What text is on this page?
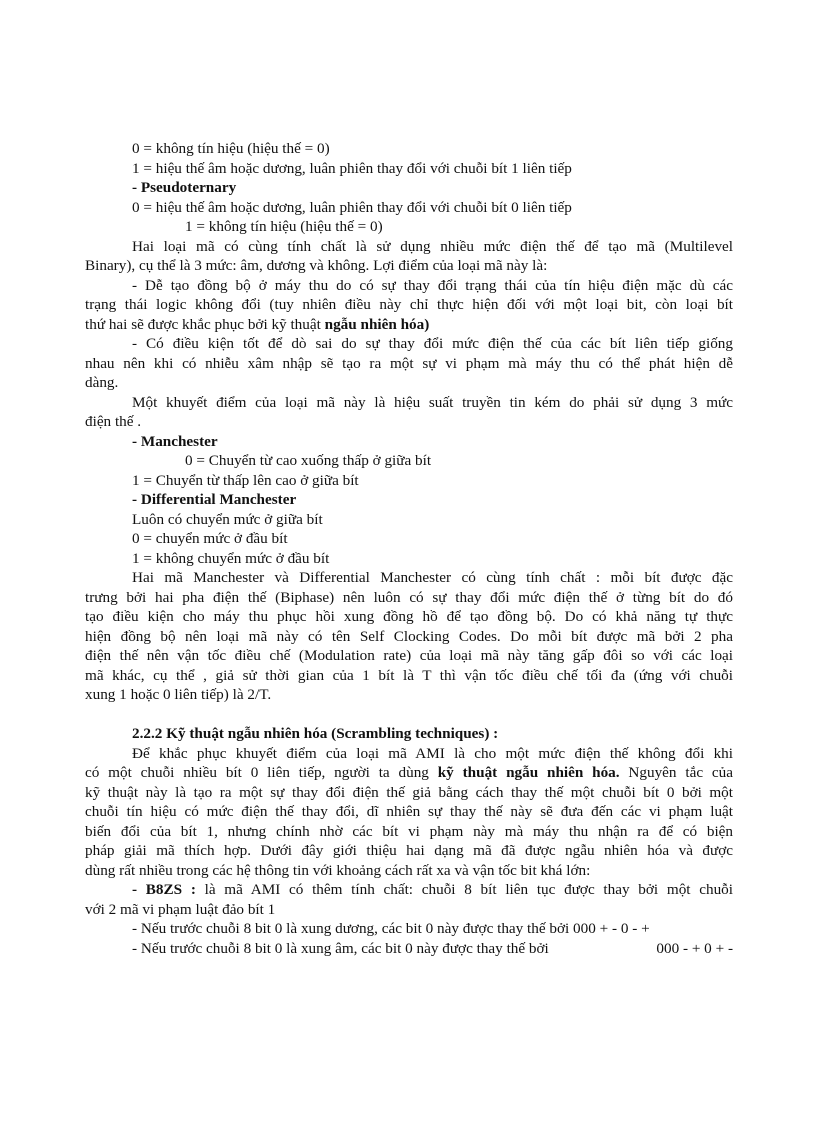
0 = không tín hiệu (hiệu thế = 0)
1 = hiệu thế âm hoặc dương, luân phiên thay đổi với chuỗi bít 1 liên tiếp
- Pseudoternary
0 = hiệu thế âm hoặc dương, luân phiên thay đổi với chuỗi bít 0 liên tiếp
1 = không tín hiệu (hiệu thế = 0)
Hai loại mã có cùng tính chất là sử dụng nhiều mức điện thế để tạo mã (Multilevel
Binary), cụ thể là 3 mức: âm, dương và không. Lợi điểm của loại mã này là:
- Dễ tạo đồng bộ ở máy thu do có sự thay đổi trạng thái của tín hiệu điện mặc dù các
trạng thái logic không đổi (tuy nhiên điều này chỉ thực hiện đối với một loại bit, còn loại bít
thứ hai sẽ được khắc phục bởi kỹ thuật ngẫu nhiên hóa)
- Có điều kiện tốt để dò sai do sự thay đổi mức điện thế của các bít liên tiếp giống
nhau nên khi có nhiễu xâm nhập sẽ tạo ra một sự vi phạm mà máy thu có thể phát hiện dễ
dàng.
Một khuyết điểm của loại mã này là hiệu suất truyền tin kém do phải sử dụng 3 mức
điện thế .
- Manchester
0 = Chuyển từ cao xuống thấp ở giữa bít
1 = Chuyển từ thấp lên cao ở giữa bít
- Differential Manchester
Luôn có chuyển mức ở giữa bít
0 = chuyển mức ở đầu bít
1 = không chuyển mức ở đầu bít
Hai mã Manchester và Differential Manchester có cùng tính chất : mỗi bít được đặc
trưng bởi hai pha điện thế (Biphase) nên luôn có sự thay đổi mức điện thế ở từng bít do đó
tạo điều kiện cho máy thu phục hồi xung đồng hồ để tạo đồng bộ. Do có khả năng tự thực
hiện đồng bộ nên loại mã này có tên Self Clocking Codes. Do mỗi bít được mã bởi 2 pha
điện thế nên vận tốc điều chế (Modulation rate) của loại mã này tăng gấp đôi so với các loại
mã khác, cụ thể , giả sử thời gian của 1 bít là T thì vận tốc điều chế tối đa (ứng với chuỗi
xung 1 hoặc 0 liên tiếp) là 2/T.
2.2.2 Kỹ thuật ngẫu nhiên hóa (Scrambling techniques) :
Để khắc phục khuyết điểm của loại mã AMI là cho một mức điện thế không đổi khi
có một chuỗi nhiều bít 0 liên tiếp, người ta dùng kỹ thuật ngẫu nhiên hóa. Nguyên tắc của
kỹ thuật này là tạo ra một sự thay đổi điện thế giả bằng cách thay thế một chuỗi bít 0 bởi một
chuỗi tín hiệu có mức điện thế thay đổi, dĩ nhiên sự thay thế này sẽ đưa đến các vi phạm luật
biến đổi của bít 1, nhưng chính nhờ các bít vi phạm này mà máy thu nhận ra để có biện
pháp giải mã thích hợp. Dưới đây giới thiệu hai dạng mã đã được ngẫu nhiên hóa và được
dùng rất nhiều trong các hệ thông tin với khoảng cách rất xa và vận tốc bit khá lớn:
- B8ZS : là mã AMI có thêm tính chất: chuỗi 8 bít liên tục được thay bởi một chuỗi
với 2 mã vi phạm luật đảo bít 1
- Nếu trước chuỗi 8 bit 0 là xung dương, các bit 0 này được thay thế bởi 000 + - 0 - +
- Nếu trước chuỗi 8 bit 0 là xung âm, các bit 0 này được thay thế bởi	000 - + 0 + -
